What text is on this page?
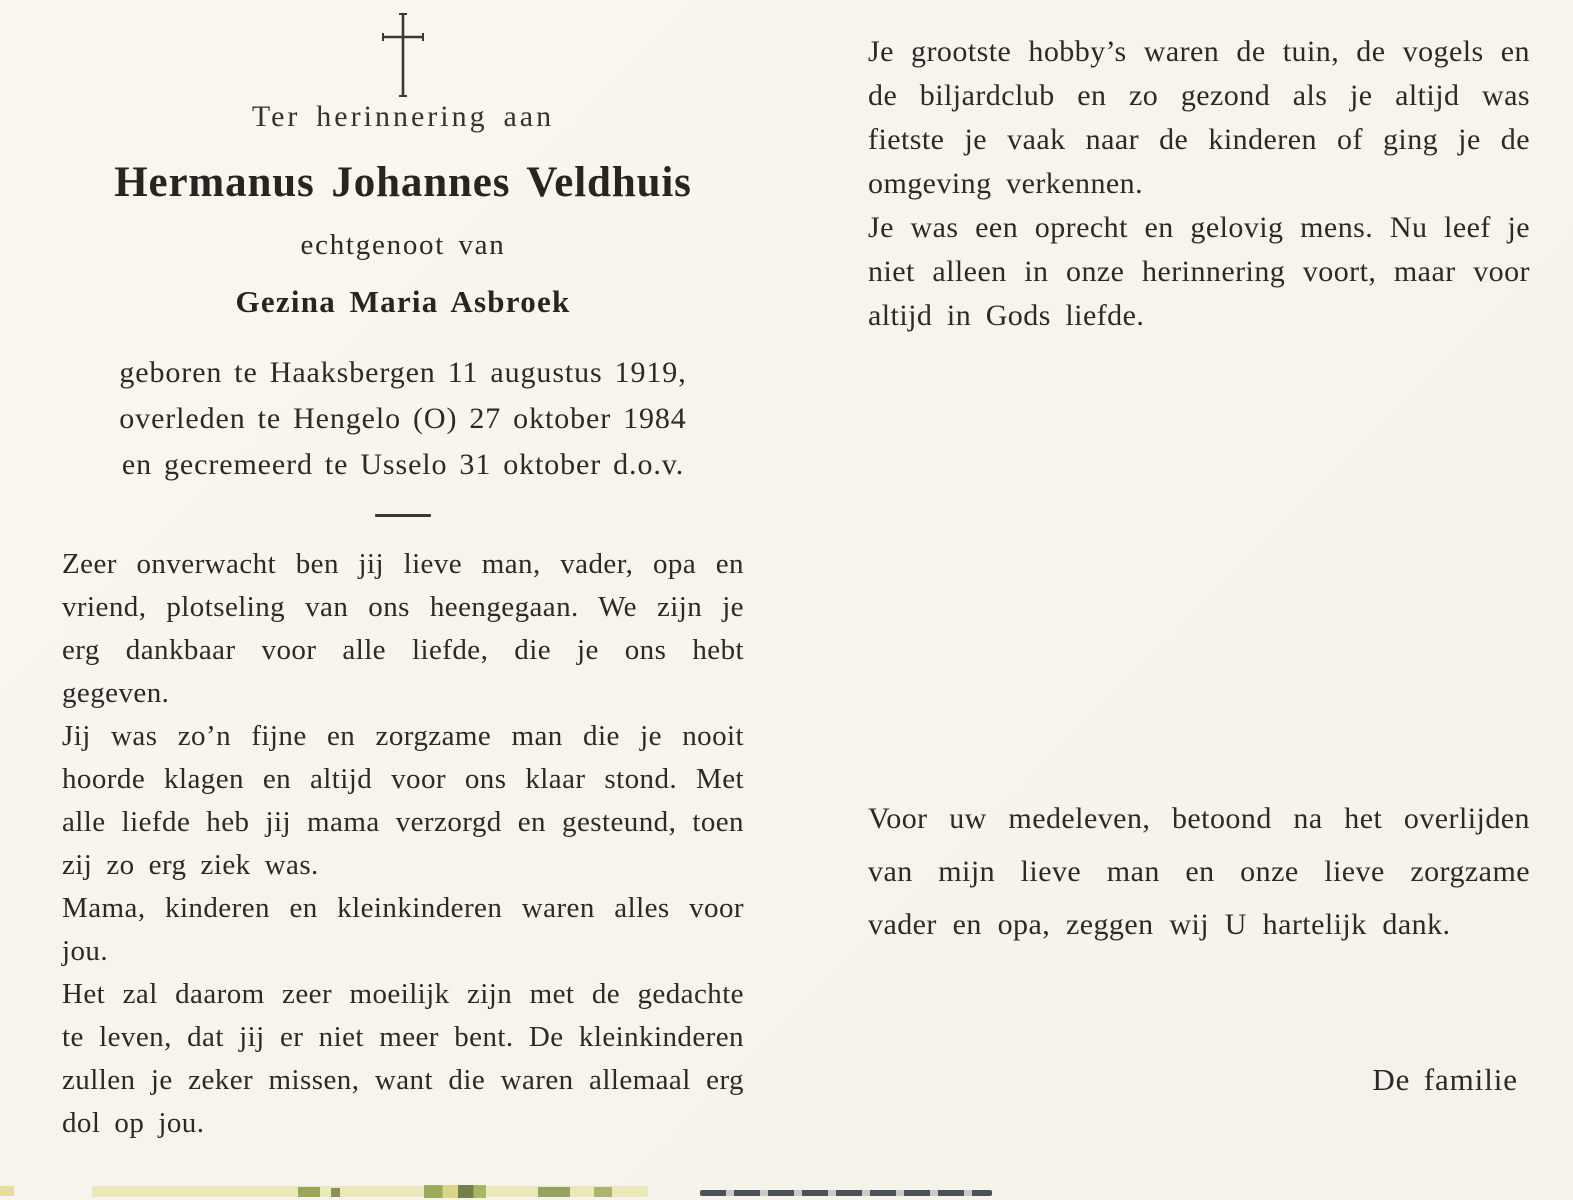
Ter herinnering aan
Hermanus Johannes Veldhuis
echtgenoot van
Gezina Maria Asbroek
geboren te Haaksbergen 11 augustus 1919,
overleden te Hengelo (O) 27 oktober 1984
en gecremeerd te Usselo 31 oktober d.o.v.

Zeer onverwacht ben jij lieve man, vader, opa en vriend, plotseling van ons heengegaan. We zijn je erg dankbaar voor alle liefde, die je ons hebt gegeven.

Jij was zo’n fijne en zorgzame man die je nooit hoorde klagen en altijd voor ons klaar stond. Met alle liefde heb jij mama verzorgd en gesteund, toen zij zo erg ziek was.

Mama, kinderen en kleinkinderen waren alles voor jou.

Het zal daarom zeer moeilijk zijn met de gedachte te leven, dat jij er niet meer bent. De kleinkinderen zullen je zeker missen, want die waren allemaal erg dol op jou.

Je grootste hobby’s waren de tuin, de vogels en de biljardclub en zo gezond als je altijd was fietste je vaak naar de kinderen of ging je de omgeving verkennen.

Je was een oprecht en gelovig mens. Nu leef je niet alleen in onze herinnering voort, maar voor altijd in Gods liefde.

Voor uw medeleven, betoond na het overlijden van mijn lieve man en onze lieve zorgzame vader en opa, zeggen wij U hartelijk dank.
De familie
